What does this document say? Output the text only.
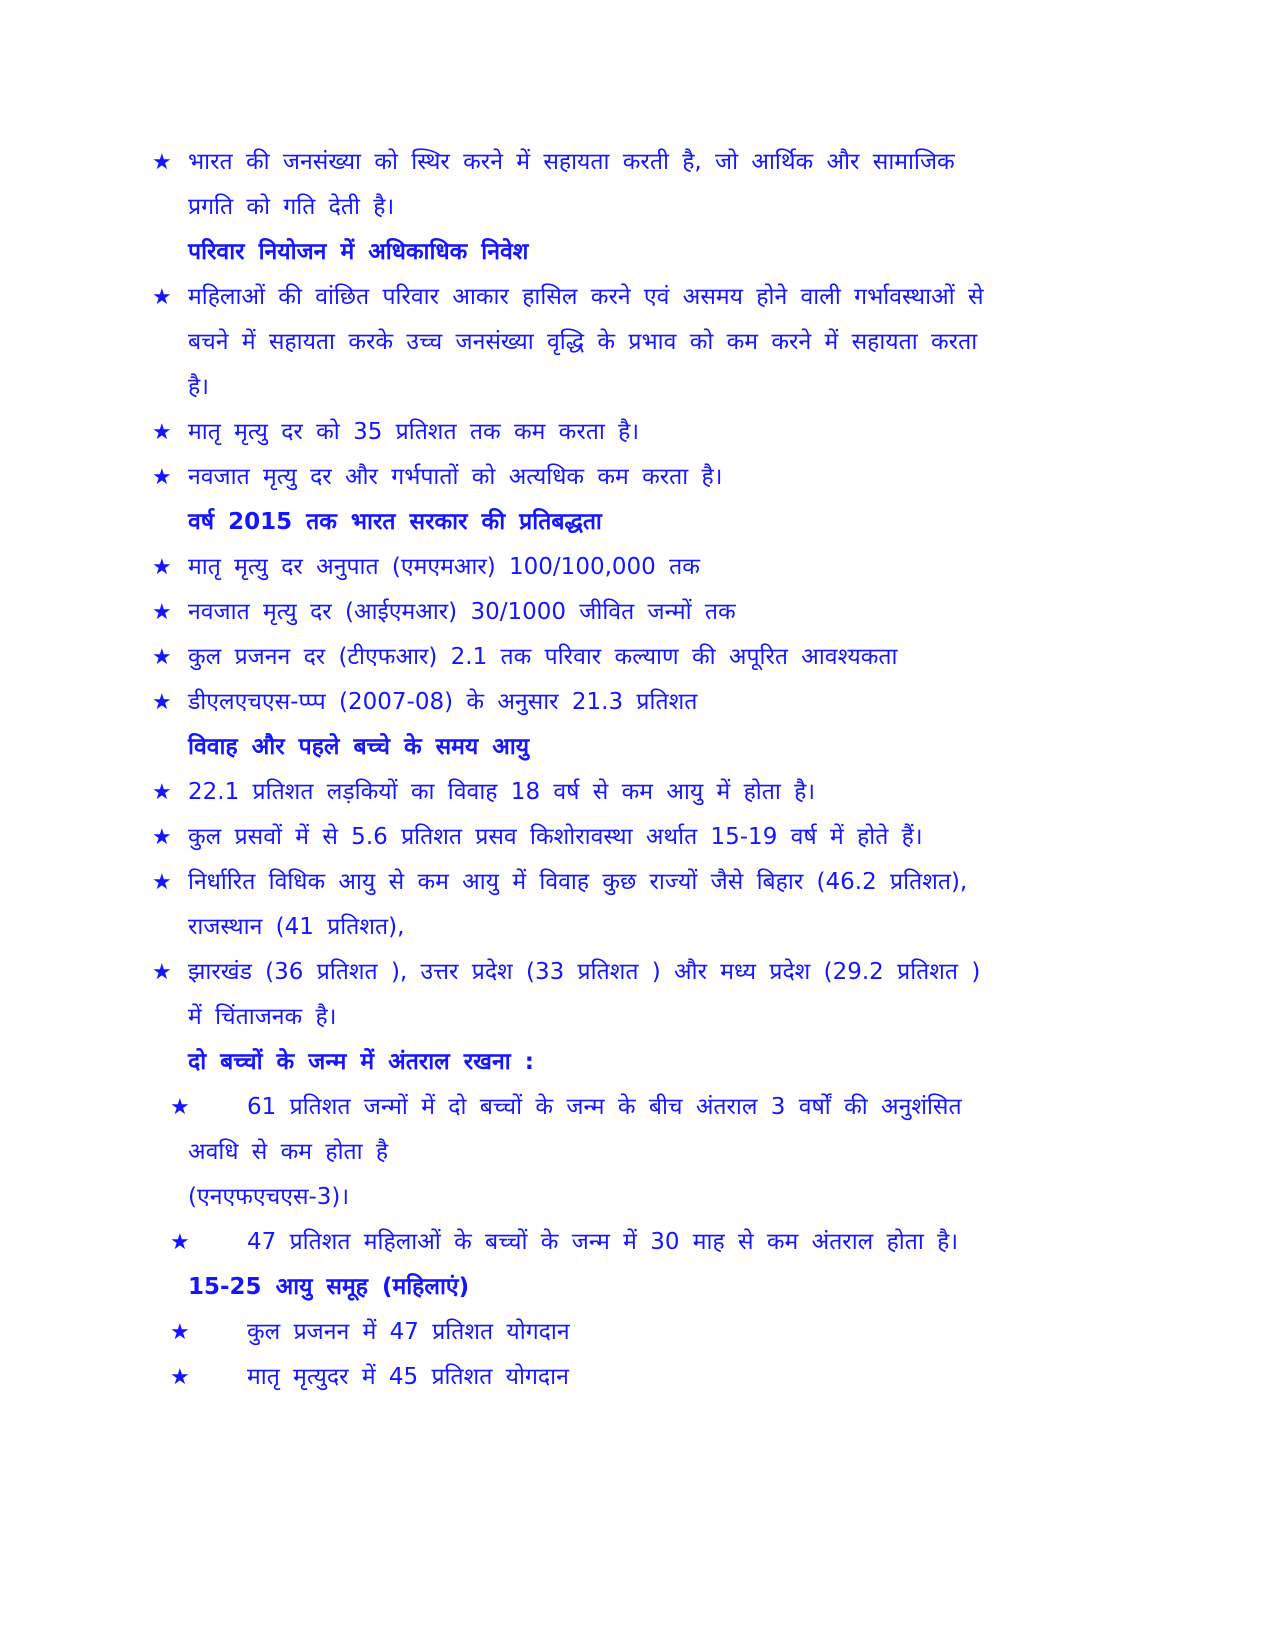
★ भारत की जनसंख्या को स्थिर करने में सहायता करती है, जो आर्थिक और सामाजिक
प्रगति को गति देती है।
परिवार नियोजन में अधिकाधिक निवेश
★ महिलाओं की वांछित परिवार आकार हासिल करने एवं असमय होने वाली गर्भावस्थाओं से
बचने में सहायता करके उच्च जनसंख्या वृद्धि के प्रभाव को कम करने में सहायता करता
है।
★ मातृ मृत्यु दर को 35 प्रतिशत तक कम करता है।
★ नवजात मृत्यु दर और गर्भपातों को अत्यधिक कम करता है।
वर्ष 2015 तक भारत सरकार की प्रतिबद्धता
★ मातृ मृत्यु दर अनुपात (एमएमआर) 100/100,000 तक
★ नवजात मृत्यु दर (आईएमआर) 30/1000 जीवित जन्मों तक
★ कुल प्रजनन दर (टीएफआर) 2.1 तक परिवार कल्याण की अपूरित आवश्यकता
★ डीएलएचएस-प्प्प (2007-08) के अनुसार 21.3 प्रतिशत
विवाह और पहले बच्चे के समय आयु
★ 22.1 प्रतिशत लड़कियों का विवाह 18 वर्ष से कम आयु में होता है।
★ कुल प्रसवों में से 5.6 प्रतिशत प्रसव किशोरावस्था अर्थात 15-19 वर्ष में होते हैं।
★ निर्धारित विधिक आयु से कम आयु में विवाह कुछ राज्यों जैसे बिहार (46.2 प्रतिशत),
राजस्थान (41 प्रतिशत),
★ झारखंड (36 प्रतिशत ), उत्तर प्रदेश (33 प्रतिशत ) और मध्य प्रदेश (29.2 प्रतिशत )
में चिंताजनक है।
दो बच्चों के जन्म में अंतराल रखना :
★ 61 प्रतिशत जन्मों में दो बच्चों के जन्म के बीच अंतराल 3 वर्षों की अनुशंसित
अवधि से कम होता है
(एनएफएचएस-3)।
★ 47 प्रतिशत महिलाओं के बच्चों के जन्म में 30 माह से कम अंतराल होता है।
15-25 आयु समूह (महिलाएं)
★ कुल प्रजनन में 47 प्रतिशत योगदान
★ मातृ मृत्युदर में 45 प्रतिशत योगदान
